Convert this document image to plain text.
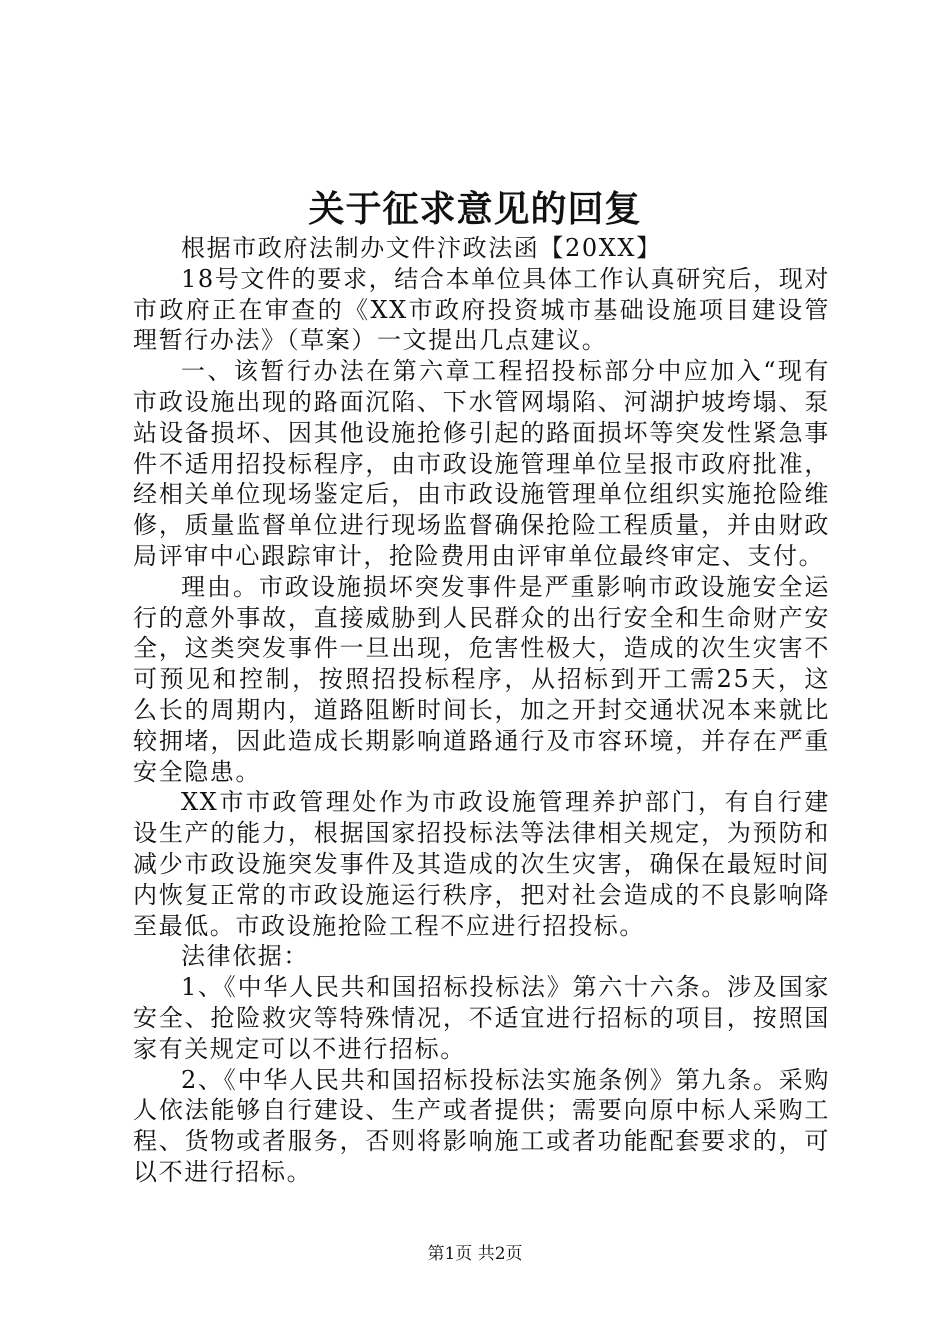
关于征求意见的回复

根据市政府法制办文件汴政法函【20XX】

18号文件的要求，结合本单位具体工作认真研究后，现对市政府正在审查的《XX市政府投资城市基础设施项目建设管理暂行办法》（草案）一文提出几点建议。

一、该暂行办法在第六章工程招投标部分中应加入“现有市政设施出现的路面沉陷、下水管网塌陷、河湖护坡垮塌、泵站设备损坏、因其他设施抢修引起的路面损坏等突发性紧急事件不适用招投标程序，由市政设施管理单位呈报市政府批准，经相关单位现场鉴定后，由市政设施管理单位组织实施抢险维修，质量监督单位进行现场监督确保抢险工程质量，并由财政局评审中心跟踪审计，抢险费用由评审单位最终审定、支付。

理由。市政设施损坏突发事件是严重影响市政设施安全运行的意外事故，直接威胁到人民群众的出行安全和生命财产安全，这类突发事件一旦出现，危害性极大，造成的次生灾害不可预见和控制，按照招投标程序，从招标到开工需25天，这么长的周期内，道路阻断时间长，加之开封交通状况本来就比较拥堵，因此造成长期影响道路通行及市容环境，并存在严重安全隐患。

XX市市政管理处作为市政设施管理养护部门，有自行建设生产的能力，根据国家招投标法等法律相关规定，为预防和减少市政设施突发事件及其造成的次生灾害，确保在最短时间内恢复正常的市政设施运行秩序，把对社会造成的不良影响降至最低。市政设施抢险工程不应进行招投标。

法律依据：

1、《中华人民共和国招标投标法》第六十六条。涉及国家安全、抢险救灾等特殊情况，不适宜进行招标的项目，按照国家有关规定可以不进行招标。

2、《中华人民共和国招标投标法实施条例》第九条。采购人依法能够自行建设、生产或者提供；需要向原中标人采购工程、货物或者服务，否则将影响施工或者功能配套要求的，可以不进行招标。

第1页 共2页
